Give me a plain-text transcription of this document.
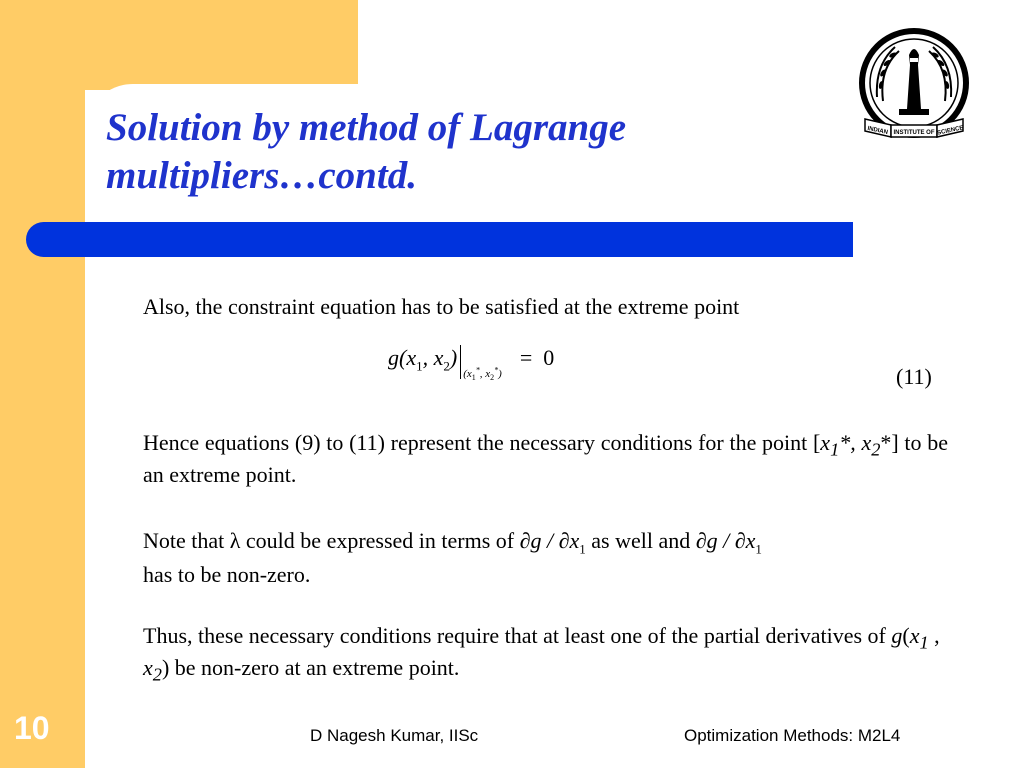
Solution by method of Lagrange multipliers…contd.
INDIAN INSTITUTE OF SCIENCE

Also, the constraint equation has to be satisfied at the extreme point

$g(x_1$, $x_2)_{(x_1^*, x_2^*)}= 0$
(11)

Hence equations (9) to (11) represent the necessary conditions for the point [$x_1*$, $x_2*$] to be an extreme point.

Note that λ could be expressed in terms of $\partial g / \partial x_1$ as well and $\partial g / \partial x_1$
has to be non-zero.

Thus, these necessary conditions require that at least one of the partial derivatives of $g(x_1$ , $x_2$) be non-zero at an extreme point.

10	D Nagesh Kumar, IISc	Optimization Methods: M2L4
